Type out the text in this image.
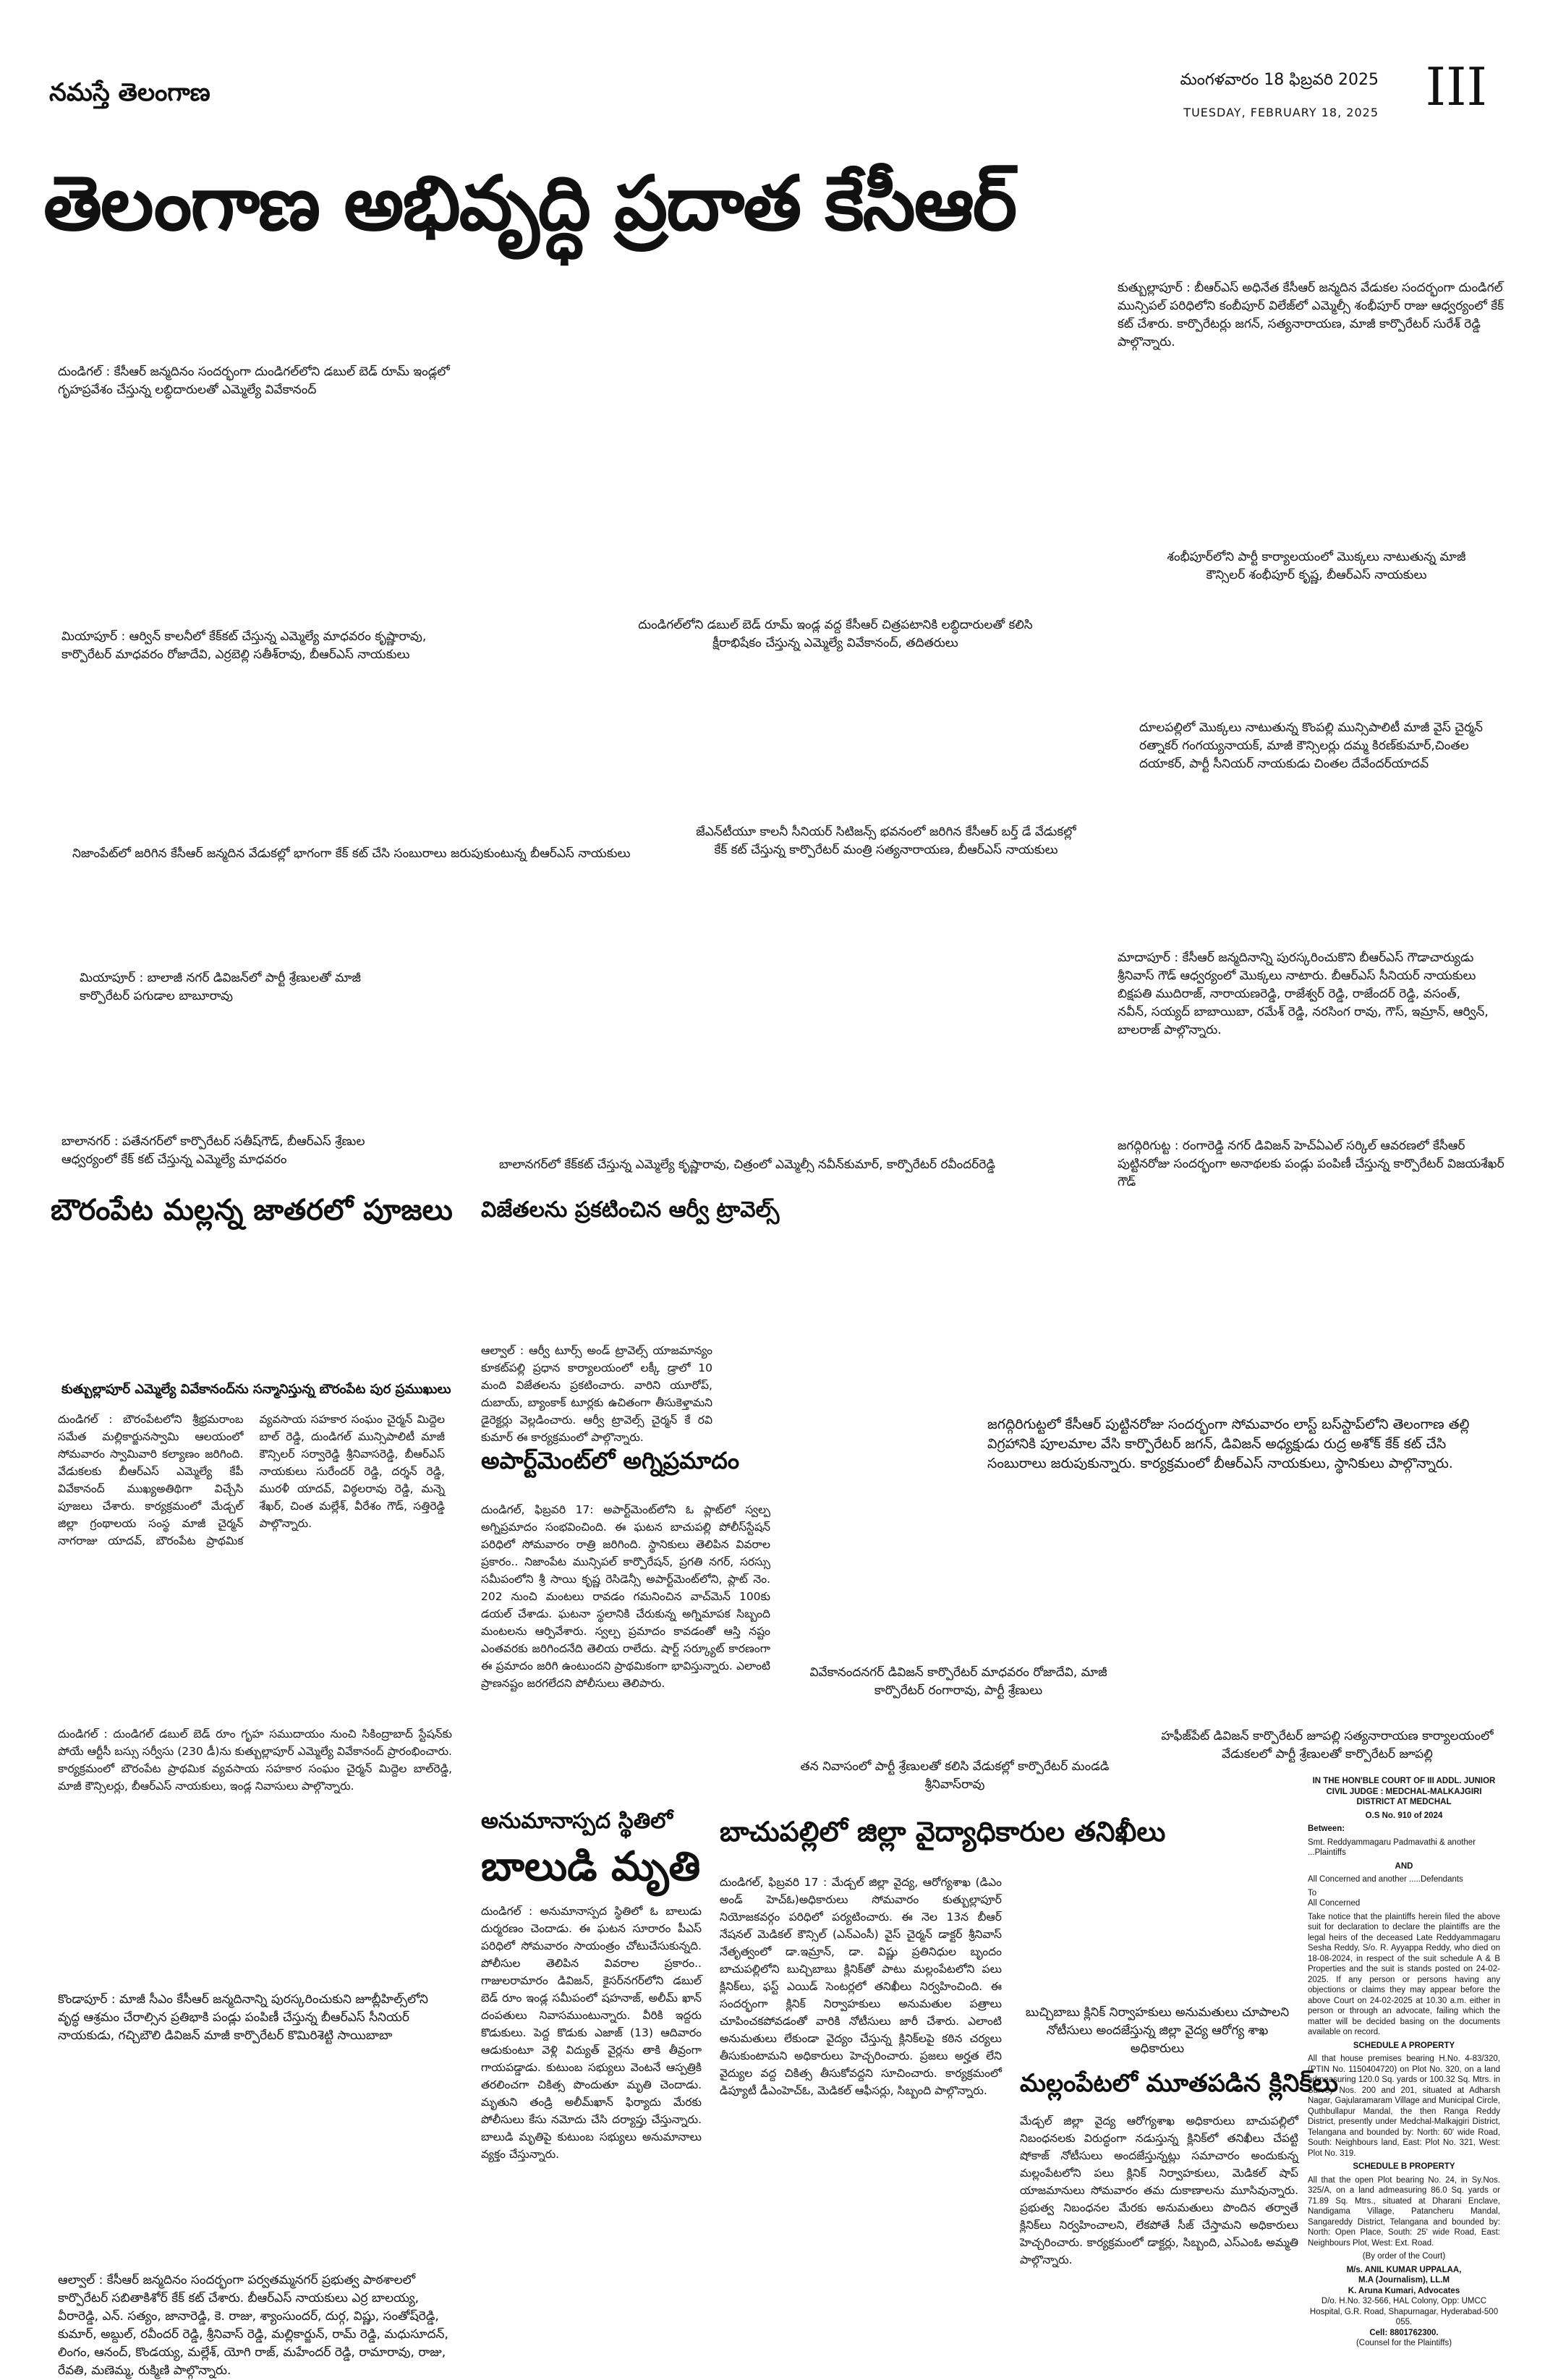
నమస్తే తెలంగాణ	మంగళవారం 18 ఫిబ్రవరి 2025
TUESDAY, FEBRUARY 18, 2025 III
తెలంగాణ అభివృద్ధి ప్రదాత కేసీఆర్
కుత్బుల్లాపూర్ : బీఆర్ఎస్ అధినేత కేసీఆర్ జన్మదిన వేడుకల సందర్భంగా దుండిగల్ మున్సిపల్ పరిధిలోని కంబీపూర్ విలేజ్‌లో ఎమ్మెల్సీ శంభీపూర్ రాజు ఆధ్వర్యంలో కేక్ కట్ చేశారు. కార్పొరేటర్లు జగన్, సత్యనారాయణ, మాజీ కార్పొరేటర్ సురేశ్ రెడ్డి పాల్గొన్నారు.
దుండిగల్ : కేసీఆర్ జన్మదినం సందర్భంగా దుండిగల్‌లోని డబుల్ బెడ్ రూమ్ ఇండ్లలో గృహప్రవేశం చేస్తున్న లబ్ధిదారులతో ఎమ్మెల్యే వివేకానంద్
శంభీపూర్‌లోని పార్టీ కార్యాలయంలో మొక్కలు నాటుతున్న మాజీ కౌన్సిలర్ శంభీపూర్ కృష్ణ, బీఆర్ఎస్ నాయకులు
మియాపూర్ : ఆర్విన్ కాలనీలో కేక్‌కట్ చేస్తున్న ఎమ్మెల్యే మాధవరం కృష్ణారావు, కార్పొరేటర్ మాధవరం రోజాదేవి, ఎర్రబెల్లి సతీశ్‌రావు, బీఆర్ఎస్ నాయకులు
దుండిగల్‌లోని డబుల్ బెడ్ రూమ్ ఇండ్ల వద్ద కేసీఆర్ చిత్రపటానికి లబ్ధిదారులతో కలిసి క్షీరాభిషేకం చేస్తున్న ఎమ్మెల్యే వివేకానంద్, తదితరులు
దూలపల్లిలో మొక్కలు నాటుతున్న కొంపల్లి మున్సిపాలిటీ మాజీ వైస్ చైర్మన్ రత్నాకర్ గంగయ్యనాయక్, మాజీ కౌన్సిలర్లు దమ్మ కిరణ్‌కుమార్,చింతల దయాకర్, పార్టీ సీనియర్ నాయకుడు చింతల దేవేందర్‌యాదవ్
జేఎన్‌టీయూ కాలనీ సీనియర్ సిటిజన్స్ భవనంలో జరిగిన కేసీఆర్ బర్త్ డే వేడుకల్లో కేక్ కట్ చేస్తున్న కార్పొరేటర్ మంత్రి సత్యనారాయణ, బీఆర్ఎస్ నాయకులు
నిజాంపేట్‌లో జరిగిన కేసీఆర్ జన్మదిన వేడుకల్లో భాగంగా కేక్ కట్ చేసి సంబురాలు జరుపుకుంటున్న బీఆర్ఎస్ నాయకులు
మియాపూర్ : బాలాజీ నగర్ డివిజన్‌లో పార్టీ శ్రేణులతో మాజీ కార్పొరేటర్ పగుడాల బాబూరావు
మాదాపూర్ : కేసీఆర్ జన్మదినాన్ని పురస్కరించుకొని బీఆర్ఎస్ గౌడాచార్యుడు శ్రీనివాస్ గౌడ్ ఆధ్వర్యంలో మొక్కలు నాటారు. బీఆర్ఎస్ సీనియర్ నాయకులు బిక్షపతి ముదిరాజ్, నారాయణరెడ్డి, రాజేశ్వర్ రెడ్డి, రాజేందర్ రెడ్డి, వసంత్, నవీన్, సయ్యద్ బాబాయిబా, రమేశ్ రెడ్డి, నరసింగ రావు, గౌస్, ఇమ్రాన్, ఆర్విన్, బాలరాజ్ పాల్గొన్నారు.
బాలానగర్ : పతేనగర్‌లో కార్పొరేటర్ సతీష్‌గౌడ్, బీఆర్ఎస్ శ్రేణుల ఆధ్వర్యంలో కేక్ కట్ చేస్తున్న ఎమ్మెల్యే మాధవరం	బాలానగర్‌లో కేక్‌కట్ చేస్తున్న ఎమ్మెల్యే కృష్ణారావు, చిత్రంలో ఎమ్మెల్సీ నవీన్‌కుమార్, కార్పొరేటర్ రవీందర్‌రెడ్డి
జగద్గిరిగుట్ట : రంగారెడ్డి నగర్ డివిజన్ హెచ్ఏఎల్ సర్కిల్ ఆవరణలో కేసీఆర్ పుట్టినరోజు సందర్భంగా అనాథలకు పండ్లు పంపిణీ చేస్తున్న కార్పొరేటర్ విజయశేఖర్ గౌడ్
జగద్గిరిగుట్టలో కేసీఆర్ పుట్టినరోజు సందర్భంగా సోమవారం లాస్ట్ బస్‌స్టాప్‌లోని తెలంగాణ తల్లి విగ్రహానికి పూలమాల వేసి కార్పొరేటర్ జగన్, డివిజన్ అధ్యక్షుడు రుద్ర అశోక్ కేక్ కట్ చేసి సంబురాలు జరుపుకున్నారు. కార్యక్రమంలో బీఆర్ఎస్ నాయకులు, స్థానికులు పాల్గొన్నారు.
వివేకానందనగర్ డివిజన్ కార్పొరేటర్ మాధవరం రోజాదేవి, మాజీ కార్పొరేటర్ రంగారావు, పార్టీ శ్రేణులు
తన నివాసంలో పార్టీ శ్రేణులతో కలిసి వేడుకల్లో కార్పొరేటర్ మండడి శ్రీనివాస్‌రావు
హఫీజ్‌పేట్ డివిజన్ కార్పొరేటర్ జూపల్లి సత్యనారాయణ కార్యాలయంలో వేడుకలలో పార్టీ శ్రేణులతో కార్పొరేటర్ జూపల్లి
కొండాపూర్ : మాజీ సీఎం కేసీఆర్ జన్మదినాన్ని పురస్కరించుకుని జూబ్లీహిల్స్‌లోని వృద్ధ ఆశ్రమం చేరాల్సిన ప్రతిభాకి పండ్లు పంపిణీ చేస్తున్న బీఆర్ఎస్ సీనియర్ నాయకుడు, గచ్చిబౌలి డివిజన్ మాజీ కార్పొరేటర్ కొమిరిశెట్టి సాయిబాబా
బుచ్చిబాబు క్లినిక్ నిర్వాహకులు అనుమతులు చూపాలని నోటీసులు అందజేస్తున్న జిల్లా వైద్య ఆరోగ్య శాఖ అధికారులు
ఆల్వాల్ : కేసీఆర్ జన్మదినం సందర్భంగా పర్వతమ్మనగర్ ప్రభుత్వ పాఠశాలలో కార్పొరేటర్ సబితాకిశోర్ కేక్ కట్ చేశారు. బీఆర్ఎస్ నాయకులు ఎర్ర బాలయ్య, వీరారెడ్డి, ఎన్. సత్యం, జానారెడ్డి, కె. రాజు, శ్యాంసుందర్, దుర్గ, విష్ణు, సంతోష్‌రెడ్డి, కుమార్, అబ్దుల్, రవీందర్ రెడ్డి, శ్రీనివాస్ రెడ్డి, మల్లికార్జున్, రామ్ రెడ్డి, మధుసూదన్, లింగం, ఆనంద్, కొండయ్య, మల్లేశ్, యోగి రాజ్, మహేందర్ రెడ్డి, రామారావు, రాజు, రేవతి, మణెమ్మ, రుక్మిణి పాల్గొన్నారు.
బౌరంపేట మల్లన్న జాతరలో పూజలు
కుత్బుల్లాపూర్ ఎమ్మెల్యే వివేకానంద్‌ను సన్మానిస్తున్న బౌరంపేట పుర ప్రముఖులు
దుండిగల్ : బౌరంపేటలోని శ్రీభ్రమరాంబ సమేత మల్లికార్జునస్వామి ఆలయంలో సోమవారం స్వామివారి కల్యాణం జరిగింది. వేడుకలకు బీఆర్ఎస్ ఎమ్మెల్యే కేపీ వివేకానంద్ ముఖ్యఅతిథిగా విచ్చేసి పూజలు చేశారు. కార్యక్రమంలో మేడ్చల్ జిల్లా గ్రంథాలయ సంస్థ మాజీ చైర్మన్ నాగరాజు యాదవ్, బౌరంపేట ప్రాథమిక వ్యవసాయ సహకార సంఘం చైర్మన్ మిద్దెల బాల్ రెడ్డి, దుండిగల్ మున్సిపాలిటీ మాజీ కౌన్సిలర్ సర్వారెడ్డి శ్రీనివాసరెడ్డి, బీఆర్ఎస్ నాయకులు సురేందర్ రెడ్డి, దర్శన్ రెడ్డి, మురళీ యాదవ్, విఠ్ఠలరావు రెడ్డి, మన్నె శేఖర్, చింత మల్లేశ్, వీరేశం గౌడ్, సత్తిరెడ్డి పాల్గొన్నారు.
దుండిగల్ : దుండిగల్ డబుల్ బెడ్ రూం గృహ సముదాయం నుంచి సికింద్రాబాద్ స్టేషన్‌కు పోయే ఆర్టీసీ బస్సు సర్వీసు (230 డీ)ను కుత్బుల్లాపూర్ ఎమ్మెల్యే వివేకానంద్ ప్రారంభించారు. కార్యక్రమంలో బౌరంపేట ప్రాథమిక వ్యవసాయ సహకార సంఘం చైర్మన్ మిద్దెల బాల్‌రెడ్డి, మాజీ కౌన్సిలర్లు, బీఆర్ఎస్ నాయకులు, ఇండ్ల నివాసులు పాల్గొన్నారు.
విజేతలను ప్రకటించిన ఆర్వీ ట్రావెల్స్
ఆల్వాల్ : ఆర్వీ టూర్స్ అండ్ ట్రావెల్స్ యాజమాన్యం కూకట్‌పల్లి ప్రధాన కార్యాలయంలో లక్కీ డ్రాలో 10 మంది విజేతలను ప్రకటించారు. వారిని యూరోప్, దుబాయ్, బ్యాంకాక్ టూర్లకు ఉచితంగా తీసుకెళ్తామని డైరెక్టర్లు వెల్లడించారు. ఆర్వీ ట్రావెల్స్ చైర్మన్ కే రవి కుమార్ ఈ కార్యక్రమంలో పాల్గొన్నారు.
అపార్ట్‌మెంట్‌లో అగ్నిప్రమాదం
దుండిగల్, ఫిబ్రవరి 17: అపార్ట్‌మెంట్‌లోని ఓ ప్లాట్‌లో స్వల్ప అగ్నిప్రమాదం సంభవించింది. ఈ ఘటన బాచుపల్లి పోలీస్‌స్టేషన్ పరిధిలో సోమవారం రాత్రి జరిగింది. స్థానికులు తెలిపిన వివరాల ప్రకారం.. నిజాంపేట మున్సిపల్ కార్పొరేషన్, ప్రగతి నగర్, సరస్సు సమీపంలోని శ్రీ సాయి కృష్ణ రెసిడెన్సీ అపార్ట్‌మెంట్‌లోని, ప్లాట్ నెం. 202 నుంచి మంటలు రావడం గమనించిన వాచ్‌మెన్ 100కు డయల్ చేశాడు. ఘటనా స్థలానికి చేరుకున్న అగ్నిమాపక సిబ్బంది మంటలను ఆర్పివేశారు. స్వల్ప ప్రమాదం కావడంతో ఆస్తి నష్టం ఎంతవరకు జరిగిందనేది తెలియ రాలేదు. షార్ట్ సర్క్యూట్ కారణంగా ఈ ప్రమాదం జరిగి ఉంటుందని ప్రాథమికంగా భావిస్తున్నారు. ఎలాంటి ప్రాణనష్టం జరగలేదని పోలీసులు తెలిపారు.
అనుమానాస్పద స్థితిలో
బాలుడి మృతి
దుండిగల్ : అనుమానాస్పద స్థితిలో ఓ బాలుడు దుర్మరణం చెందాడు. ఈ ఘటన సూరారం పీఎస్ పరిధిలో సోమవారం సాయంత్రం చోటుచేసుకున్నది. పోలీసుల తెలిపిన వివరాల ప్రకారం.. గాజులరామారం డివిజన్, కైసర్‌నగర్‌లోని డబుల్ బెడ్ రూం ఇండ్ల సమీపంలో షహనాజ్, అలీమ్ ఖాన్ దంపతులు నివాసముంటున్నారు. వీరికి ఇద్దరు కొడుకులు. పెద్ద కొడుకు ఎజాజ్ (13) ఆదివారం ఆడుకుంటూ వెళ్లి విద్యుత్ వైర్లను తాకి తీవ్రంగా గాయపడ్డాడు. కుటుంబ సభ్యులు వెంటనే ఆస్పత్రికి తరలించగా చికిత్స పొందుతూ మృతి చెందాడు. మృతుని తండ్రి అలీమ్‌ఖాన్ ఫిర్యాదు మేరకు పోలీసులు కేసు నమోదు చేసి దర్యాప్తు చేస్తున్నారు. బాలుడి మృతిపై కుటుంబ సభ్యులు అనుమానాలు వ్యక్తం చేస్తున్నారు.
బాచుపల్లిలో జిల్లా వైద్యాధికారుల తనిఖీలు
దుండిగల్, ఫిబ్రవరి 17 : మేడ్చల్ జిల్లా వైద్య, ఆరోగ్యశాఖ (డిఎం అండ్ హెచ్‌ఓ)అధికారులు సోమవారం కుత్బుల్లాపూర్ నియోజకవర్గం పరిధిలో పర్యటించారు. ఈ నెల 13న బీఆర్ నేషనల్ మెడికల్ కౌన్సిల్ (ఎన్ఎంసీ) వైస్ చైర్మన్ డాక్టర్ శ్రీనివాస్ నేతృత్వంలో డా.ఇమ్రాన్, డా. విష్ణు ప్రతినిధుల బృందం బాచుపల్లిలోని బుచ్చిబాబు క్లినిక్‌తో పాటు మల్లంపేటలోని పలు క్లినిక్‌లు, ఫస్ట్ ఎయిడ్ సెంటర్లలో తనిఖీలు నిర్వహించింది. ఈ సందర్భంగా క్లినిక్ నిర్వాహకులు అనుమతుల పత్రాలు చూపించకపోవడంతో వారికి నోటీసులు జారీ చేశారు. ఎలాంటి అనుమతులు లేకుండా వైద్యం చేస్తున్న క్లినిక్‌లపై కఠిన చర్యలు తీసుకుంటామని అధికారులు హెచ్చరించారు. ప్రజలు అర్హత లేని వైద్యుల వద్ద చికిత్స తీసుకోవద్దని సూచించారు. కార్యక్రమంలో డిప్యూటీ డీఎంహెచ్‌ఓ, మెడికల్ ఆఫీసర్లు, సిబ్బంది పాల్గొన్నారు.	మల్లంపేటలో మూతపడిన క్లినిక్‌లు
మేడ్చల్ జిల్లా వైద్య ఆరోగ్యశాఖ అధికారులు బాచుపల్లిలో నిబంధనలకు విరుద్ధంగా నడుస్తున్న క్లినిక్‌లో తనిఖీలు చేపట్టి షోకాజ్ నోటీసులు అందజేస్తున్నట్లు సమాచారం అందుకున్న మల్లంపేటలోని పలు క్లినిక్ నిర్వాహకులు, మెడికల్ షాప్ యాజమానులు సోమవారం తమ దుకాణాలను మూసివున్నారు. ప్రభుత్వ నిబంధనల మేరకు అనుమతులు పొందిన తర్వాతే క్లినిక్‌లు నిర్వహించాలని, లేకపోతే సీజ్ చేస్తామని అధికారులు హెచ్చరించారు. కార్యక్రమంలో డాక్టర్లు, సిబ్బంది, ఎస్ఎంఓ అమ్మతి పాల్గొన్నారు.

IN THE HON'BLE COURT OF III ADDL. JUNIOR CIVIL JUDGE : MEDCHAL-MALKAJGIRI DISTRICT AT MEDCHAL

O.S No. 910 of 2024

Between:

Smt. Reddyammagaru Padmavathi & another ...Plaintiffs

AND

All Concerned and another .....Defendants

To

All Concerned

Take notice that the plaintiffs herein filed the above suit for declaration to declare the plaintiffs are the legal heirs of the deceased Late Reddyammagaru Sesha Reddy, S/o. R. Ayyappa Reddy, who died on 18-08-2024, in respect of the suit schedule A & B Properties and the suit is stands posted on 24-02-2025. If any person or persons having any objections or claims they may appear before the above Court on 24-02-2025 at 10.30 a.m. either in person or through an advocate, failing which the matter will be decided basing on the documents available on record.

SCHEDULE A PROPERTY

All that house premises bearing H.No. 4-83/320, (PTIN No. 1150404720) on Plot No. 320, on a land admeasuring 120.0 Sq. yards or 100.32 Sq. Mtrs. in Survey Nos. 200 and 201, situated at Adharsh Nagar, Gajularamaram Village and Municipal Circle, Quthbullapur Mandal, the then Ranga Reddy District, presently under Medchal-Malkajgiri District, Telangana and bounded by: North: 60' wide Road, South: Neighbours land, East: Plot No. 321, West: Plot No. 319.

SCHEDULE B PROPERTY

All that the open Plot bearing No. 24, in Sy.Nos. 325/A, on a land admeasuring 86.0 Sq. yards or 71.89 Sq. Mtrs., situated at Dharani Enclave, Nandigama Village, Patancheru Mandal, Sangareddy District, Telangana and bounded by: North: Open Place, South: 25' wide Road, East: Neighbours Plot, West: Ext. Road.

(By order of the Court)

M/s. ANIL KUMAR UPPALAA,

M.A (Journalism), LL.M

K. Aruna Kumari, Advocates

D/o. H.No. 32-566, HAL Colony, Opp: UMCC Hospital, G.R. Road, Shapurnagar, Hyderabad-500 055.

Cell: 8801762300.

(Counsel for the Plaintiffs)
